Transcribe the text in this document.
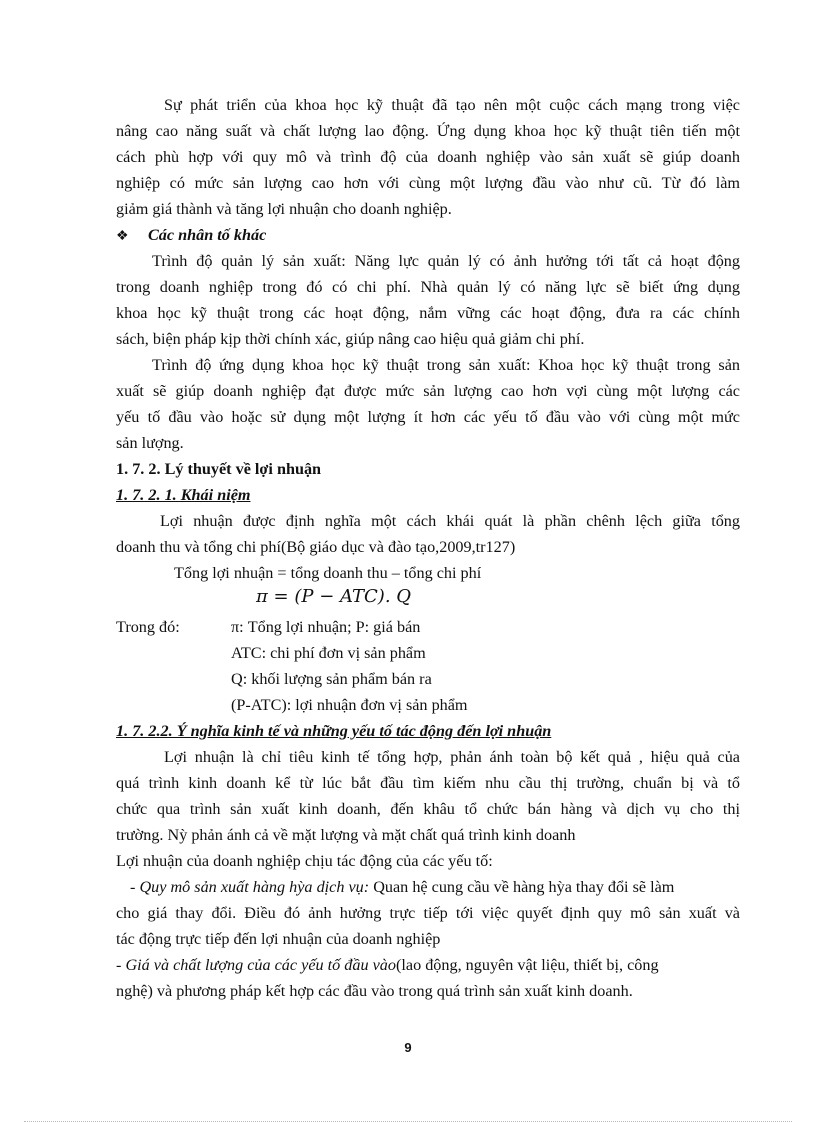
Sự phát triển của khoa học kỹ thuật đã tạo nên một cuộc cách mạng trong việc
nâng cao năng suất và chất lượng lao động. Ứng dụng khoa học kỹ thuật tiên tiến một
cách phù hợp với quy mô và trình độ của doanh nghiệp vào sản xuất sẽ giúp doanh
nghiệp có mức sản lượng cao hơn với cùng một lượng đầu vào như cũ. Từ đó làm
giảm giá thành và tăng lợi nhuận cho doanh nghiệp.
❖ Các nhân tố khác
Trình độ quản lý sản xuất: Năng lực quản lý có ảnh hưởng tới tất cả hoạt động
trong doanh nghiệp trong đó có chi phí. Nhà quản lý có năng lực sẽ biết ứng dụng
khoa học kỹ thuật trong các hoạt động, nắm vững các hoạt động, đưa ra các chính
sách, biện pháp kịp thời chính xác, giúp nâng cao hiệu quả giảm chi phí.
Trình độ ứng dụng khoa học kỹ thuật trong sản xuất: Khoa học kỹ thuật trong sản
xuất sẽ giúp doanh nghiệp đạt được mức sản lượng cao hơn vợi cùng một lượng các
yếu tố đầu vào hoặc sử dụng một lượng ít hơn các yếu tố đầu vào với cùng một mức
sản lượng.
1. 7. 2. Lý thuyết về lợi nhuận
1. 7. 2. 1. Khái niệm
Lợi nhuận được định nghĩa một cách khái quát là phần chênh lệch giữa tổng
doanh thu và tổng chi phí(Bộ giáo dục và đào tạo,2009,tr127)
Tổng lợi nhuận = tổng doanh thu – tổng chi phí
π = (P − ATC). Q
Trong đó:	π: Tổng lợi nhuận; P: giá bán
ATC: chi phí đơn vị sản phẩm
Q: khối lượng sản phẩm bán ra
(P-ATC): lợi nhuận đơn vị sản phẩm
1. 7. 2.2. Ý nghĩa kinh tế và những yếu tố tác động đến lợi nhuận
Lợi nhuận là chỉ tiêu kinh tế tổng hợp, phản ánh toàn bộ kết quả , hiệu quả của
quá trình kinh doanh kể từ lúc bắt đầu tìm kiếm nhu cầu thị trường, chuẩn bị và tổ
chức qua trình sản xuất kinh doanh, đến khâu tổ chức bán hàng và dịch vụ cho thị
trường. Nỳ phản ánh cả về mặt lượng và mặt chất quá trình kinh doanh
Lợi nhuận của doanh nghiệp chịu tác động của các yếu tố:
- Quy mô sản xuất hàng hỳa dịch vụ: Quan hệ cung cầu về hàng hỳa thay đổi sẽ làm
cho giá thay đổi. Điều đó ảnh hưởng trực tiếp tới việc quyết định quy mô sản xuất và
tác động trực tiếp đến lợi nhuận của doanh nghiệp
- Giá và chất lượng của các yếu tố đầu vào(lao động, nguyên vật liệu, thiết bị, công
nghệ) và phương pháp kết hợp các đầu vào trong quá trình sản xuất kinh doanh.
9
